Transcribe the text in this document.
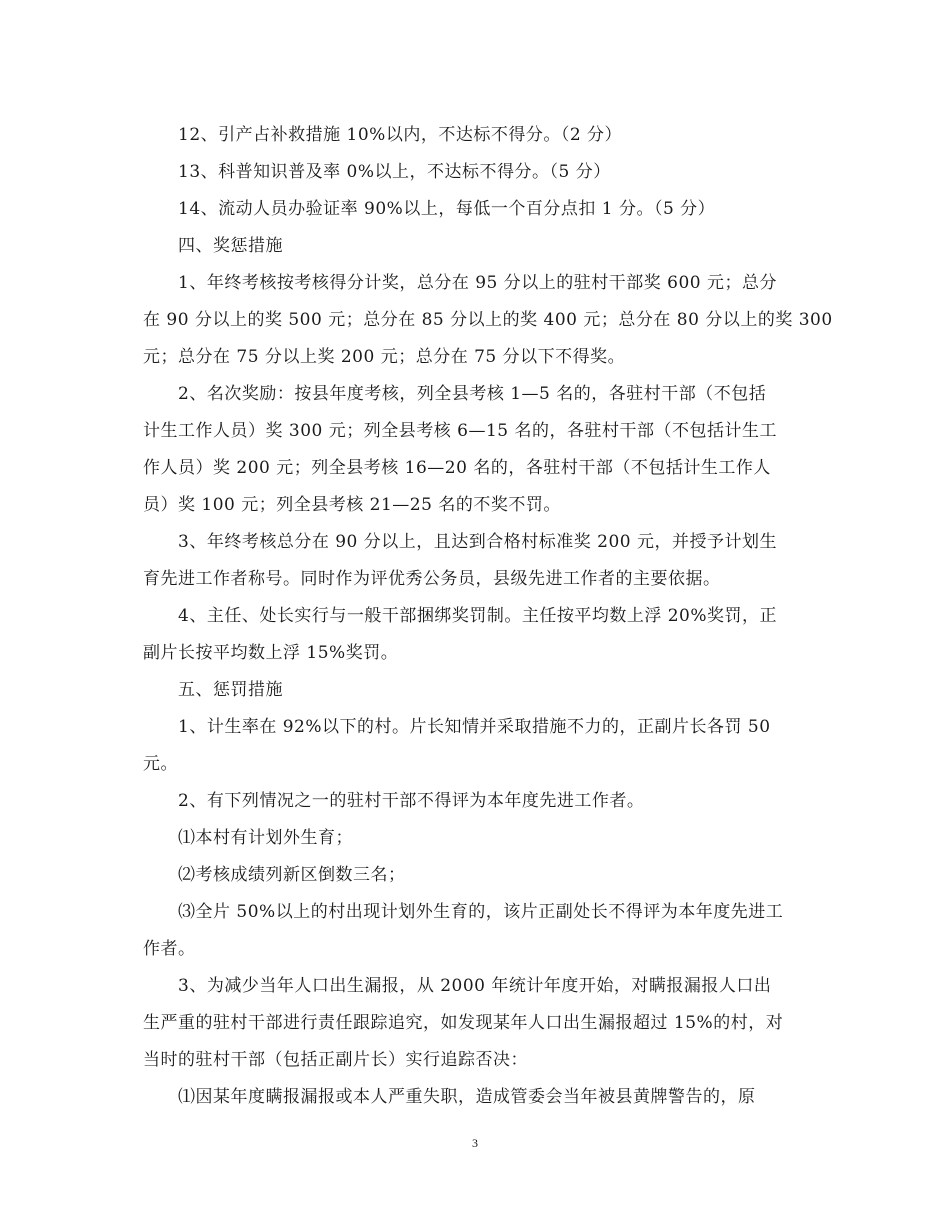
12、引产占补救措施 10%以内，不达标不得分。（2 分）
13、科普知识普及率 0%以上，不达标不得分。（5 分）
14、流动人员办验证率 90%以上，每低一个百分点扣 1 分。（5 分）
四、奖惩措施
1、年终考核按考核得分计奖，总分在 95 分以上的驻村干部奖 600 元；总分
在 90 分以上的奖 500 元；总分在 85 分以上的奖 400 元；总分在 80 分以上的奖 300
元；总分在 75 分以上奖 200 元；总分在 75 分以下不得奖。
2、名次奖励：按县年度考核，列全县考核 1—5 名的，各驻村干部（不包括
计生工作人员）奖 300 元；列全县考核 6—15 名的，各驻村干部（不包括计生工
作人员）奖 200 元；列全县考核 16—20 名的，各驻村干部（不包括计生工作人
员）奖 100 元；列全县考核 21—25 名的不奖不罚。
3、年终考核总分在 90 分以上，且达到合格村标准奖 200 元，并授予计划生
育先进工作者称号。同时作为评优秀公务员，县级先进工作者的主要依据。
4、主任、处长实行与一般干部捆绑奖罚制。主任按平均数上浮 20%奖罚，正
副片长按平均数上浮 15%奖罚。
五、惩罚措施
1、计生率在 92%以下的村。片长知情并采取措施不力的，正副片长各罚 50
元。
2、有下列情况之一的驻村干部不得评为本年度先进工作者。
⑴本村有计划外生育；
⑵考核成绩列新区倒数三名；
⑶全片 50%以上的村出现计划外生育的，该片正副处长不得评为本年度先进工
作者。
3、为减少当年人口出生漏报，从 2000 年统计年度开始，对瞒报漏报人口出
生严重的驻村干部进行责任跟踪追究，如发现某年人口出生漏报超过 15%的村，对
当时的驻村干部（包括正副片长）实行追踪否决：
⑴因某年度瞒报漏报或本人严重失职，造成管委会当年被县黄牌警告的，原
3
